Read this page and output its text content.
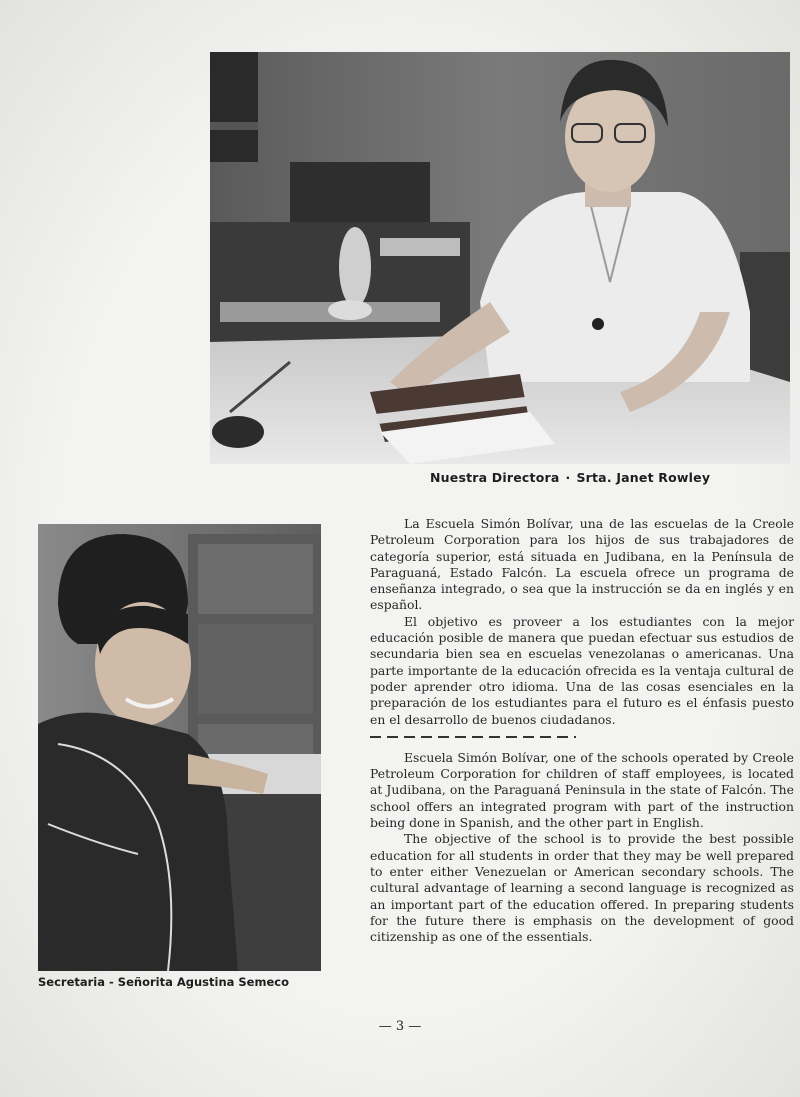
Nuestra Directora · Srta. Janet Rowley
Secretaria - Señorita Agustina Semeco

La Escuela Simón Bolívar, una de las escuelas de la Creole Petroleum Corporation para los hijos de sus trabajadores de categoría superior, está situada en Judibana, en la Península de Paraguaná, Estado Falcón. La escuela ofrece un programa de enseñanza integrado, o sea que la instrucción se da en inglés y en español.

El objetivo es proveer a los estudiantes con la mejor educación posible de manera que puedan efectuar sus estudios de secundaria bien sea en escuelas venezolanas o americanas. Una parte importante de la educación ofrecida es la ventaja cultural de poder aprender otro idioma. Una de las cosas esenciales en la preparación de los estudiantes para el futuro es el énfasis puesto en el desarrollo de buenos ciudadanos.

Escuela Simón Bolívar, one of the schools operated by Creole Petroleum Corporation for children of staff employees, is located at Judibana, on the Paraguaná Peninsula in the state of Falcón. The school offers an integrated program with part of the instruction being done in Spanish, and the other part in English.

The objective of the school is to provide the best possible education for all students in order that they may be well prepared to enter either Venezuelan or American secondary schools. The cultural advantage of learning a second language is recognized as an important part of the education offered. In preparing students for the future there is emphasis on the development of good citizenship as one of the essentials.

— 3 —
